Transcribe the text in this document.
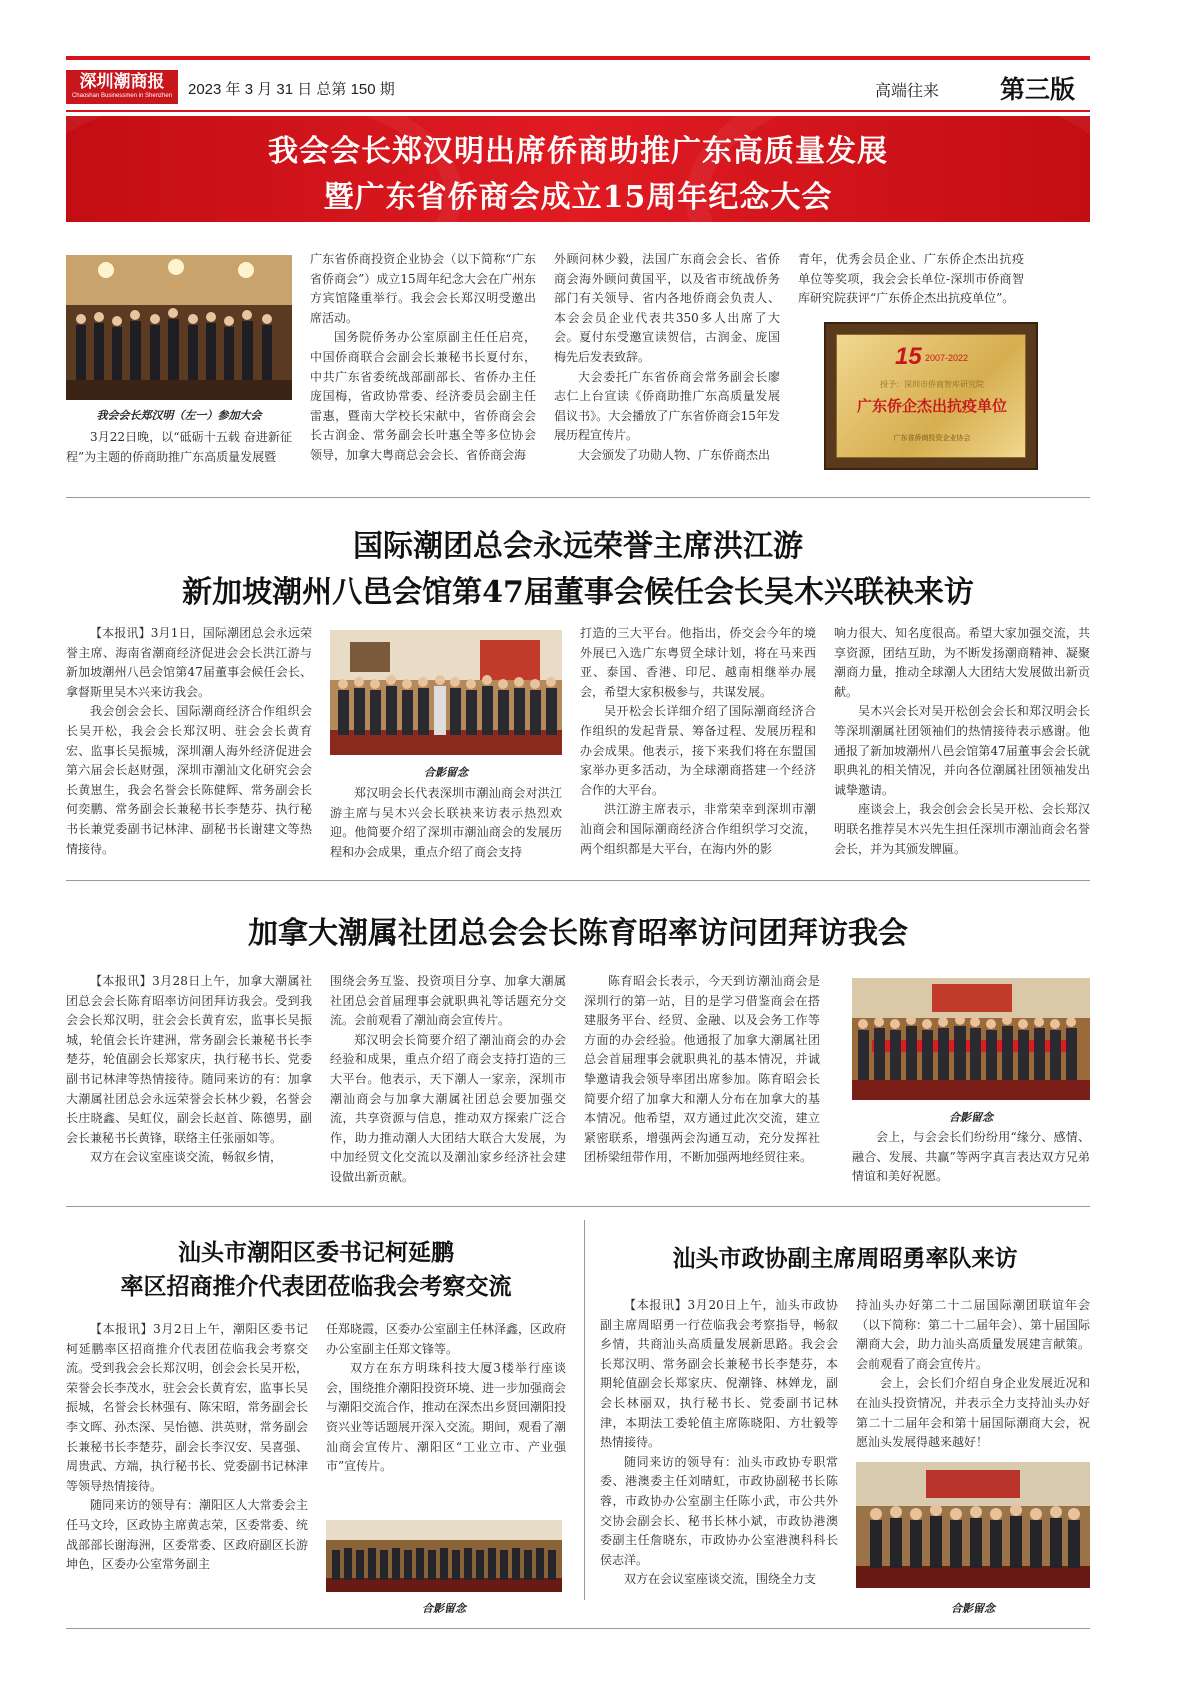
深圳潮商报
Chaoshan Businessmen in Shenzhen	2023 年 3 月 31 日 总第 150 期	高端往来 第三版
我会会长郑汉明出席侨商助推广东高质量发展
暨广东省侨商会成立15周年纪念大会
我会会长郑汉明（左一）参加大会

3月22日晚，以“砥砺十五载 奋进新征程”为主题的侨商助推广东高质量发展暨

广东省侨商投资企业协会（以下简称“广东省侨商会”）成立15周年纪念大会在广州东方宾馆隆重举行。我会会长郑汉明受邀出席活动。

国务院侨务办公室原副主任任启亮，中国侨商联合会副会长兼秘书长夏付东，中共广东省委统战部副部长、省侨办主任庞国梅，省政协常委、经济委员会副主任雷惠，暨南大学校长宋献中，省侨商会会长古润金、常务副会长叶惠全等多位协会领导，加拿大粤商总会会长、省侨商会海

外顾问林少毅，法国广东商会会长、省侨商会海外顾问黄国平，以及省市统战侨务部门有关领导、省内各地侨商会负责人、本会会员企业代表共350多人出席了大会。夏付东受邀宣读贺信，古润金、庞国梅先后发表致辞。

大会委托广东省侨商会常务副会长廖志仁上台宣读《侨商助推广东高质量发展倡议书》。大会播放了广东省侨商会15年发展历程宣传片。

大会颁发了功勋人物、广东侨商杰出

青年，优秀会员企业、广东侨企杰出抗疫单位等奖项，我会会长单位-深圳市侨商智库研究院获评“广东侨企杰出抗疫单位”。

15 2007-2022
授予：深圳市侨商智库研究院
广东侨企杰出抗疫单位
广东省侨商投资企业协会
国际潮团总会永远荣誉主席洪江游
新加坡潮州八邑会馆第47届董事会候任会长吴木兴联袂来访

【本报讯】3月1日，国际潮团总会永远荣誉主席、海南省潮商经济促进会会长洪江游与新加坡潮州八邑会馆第47届董事会候任会长、拿督斯里吴木兴来访我会。

我会创会会长、国际潮商经济合作组织会长吴开松，我会会长郑汉明、驻会会长黄育宏、监事长吴振城，深圳潮人海外经济促进会第六届会长赵财强，深圳市潮汕文化研究会会长黄崽生，我会名誉会长陈健辉、常务副会长何奕鹏、常务副会长兼秘书长李楚芬、执行秘书长兼党委副书记林津、副秘书长谢建文等热情接待。

合影留念

郑汉明会长代表深圳市潮汕商会对洪江游主席与吴木兴会长联袂来访表示热烈欢迎。他简要介绍了深圳市潮汕商会的发展历程和办会成果，重点介绍了商会支持

打造的三大平台。他指出，侨交会今年的境外展已入选广东粤贸全球计划，将在马来西亚、泰国、香港、印尼、越南相继举办展会，希望大家积极参与，共谋发展。

吴开松会长详细介绍了国际潮商经济合作组织的发起背景、筹备过程、发展历程和办会成果。他表示，接下来我们将在东盟国家举办更多活动，为全球潮商搭建一个经济合作的大平台。

洪江游主席表示，非常荣幸到深圳市潮汕商会和国际潮商经济合作组织学习交流，两个组织都是大平台，在海内外的影

响力很大、知名度很高。希望大家加强交流，共享资源，团结互助，为不断发扬潮商精神、凝聚潮商力量，推动全球潮人大团结大发展做出新贡献。

吴木兴会长对吴开松创会会长和郑汉明会长等深圳潮属社团领袖们的热情接待表示感谢。他通报了新加坡潮州八邑会馆第47届董事会会长就职典礼的相关情况，并向各位潮属社团领袖发出诚挚邀请。

座谈会上，我会创会会长吴开松、会长郑汉明联名推荐吴木兴先生担任深圳市潮汕商会名誉会长，并为其颁发牌匾。

加拿大潮属社团总会会长陈育昭率访问团拜访我会

【本报讯】3月28日上午，加拿大潮属社团总会会长陈育昭率访问团拜访我会。受到我会会长郑汉明，驻会会长黄育宏，监事长吴振城，轮值会长许建洲，常务副会长兼秘书长李楚芬，轮值副会长郑家庆，执行秘书长、党委副书记林津等热情接待。随同来访的有：加拿大潮属社团总会永远荣誉会长林少毅，名誉会长庄晓鑫、吴虹仪，副会长赵首、陈德男，副会长兼秘书长黄锋，联络主任张丽如等。

双方在会议室座谈交流，畅叙乡情，

围绕会务互鉴、投资项目分享、加拿大潮属社团总会首届理事会就职典礼等话题充分交流。会前观看了潮汕商会宣传片。

郑汉明会长简要介绍了潮汕商会的办会经验和成果，重点介绍了商会支持打造的三大平台。他表示，天下潮人一家亲，深圳市潮汕商会与加拿大潮属社团总会要加强交流，共享资源与信息，推动双方探索广泛合作，助力推动潮人大团结大联合大发展，为中加经贸文化交流以及潮汕家乡经济社会建设做出新贡献。

陈育昭会长表示，今天到访潮汕商会是深圳行的第一站，目的是学习借鉴商会在搭建服务平台、经贸、金融、以及会务工作等方面的办会经验。他通报了加拿大潮属社团总会首届理事会就职典礼的基本情况，并诚挚邀请我会领导率团出席参加。陈育昭会长简要介绍了加拿大和潮人分布在加拿大的基本情况。他希望，双方通过此次交流，建立紧密联系，增强两会沟通互动，充分发挥社团桥梁纽带作用，不断加强两地经贸往来。

合影留念

会上，与会会长们纷纷用“缘分、感情、融合、发展、共赢”等两字真言表达双方兄弟情谊和美好祝愿。

汕头市潮阳区委书记柯延鹏
率区招商推介代表团莅临我会考察交流

【本报讯】3月2日上午，潮阳区委书记柯延鹏率区招商推介代表团莅临我会考察交流。受到我会会长郑汉明，创会会长吴开松，荣誉会长李茂水，驻会会长黄育宏，监事长吴振城，名誉会长林强有、陈宋昭，常务副会长李文晖、孙杰深、吴怡德、洪英财，常务副会长兼秘书长李楚芬，副会长李汉安、吴喜强、周贵武、方端，执行秘书长、党委副书记林津等领导热情接待。

随同来访的领导有：潮阳区人大常委会主任马文玲，区政协主席黄志荣，区委常委、统战部部长谢海洲，区委常委、区政府副区长游坤色，区委办公室常务副主

任郑晓霞，区委办公室副主任林泽鑫，区政府办公室副主任郑文锋等。

双方在东方明珠科技大厦3楼举行座谈会，围绕推介潮阳投资环境、进一步加强商会与潮阳交流合作，推动在深杰出乡贤回潮阳投资兴业等话题展开深入交流。期间，观看了潮汕商会宣传片、潮阳区“工业立市、产业强市”宣传片。

合影留念
汕头市政协副主席周昭勇率队来访

【本报讯】3月20日上午，汕头市政协副主席周昭勇一行莅临我会考察指导，畅叙乡情，共商汕头高质量发展新思路。我会会长郑汉明、常务副会长兼秘书长李楚芬，本期轮值副会长郑家庆、倪潮锋、林婵龙，副会长林丽双，执行秘书长、党委副书记林津，本期法工委轮值主席陈晓阳、方壮毅等热情接待。

随同来访的领导有：汕头市政协专职常委、港澳委主任刘晴虹，市政协副秘书长陈蓉，市政协办公室副主任陈小武，市公共外交协会副会长、秘书长林小斌，市政协港澳委副主任詹晓东，市政协办公室港澳科科长侯志洋。

双方在会议室座谈交流，围绕全力支

持汕头办好第二十二届国际潮团联谊年会（以下简称：第二十二届年会）、第十届国际潮商大会，助力汕头高质量发展建言献策。会前观看了商会宣传片。

会上，会长们介绍自身企业发展近况和在汕头投资情况，并表示全力支持汕头办好第二十二届年会和第十届国际潮商大会，祝愿汕头发展得越来越好！

合影留念
